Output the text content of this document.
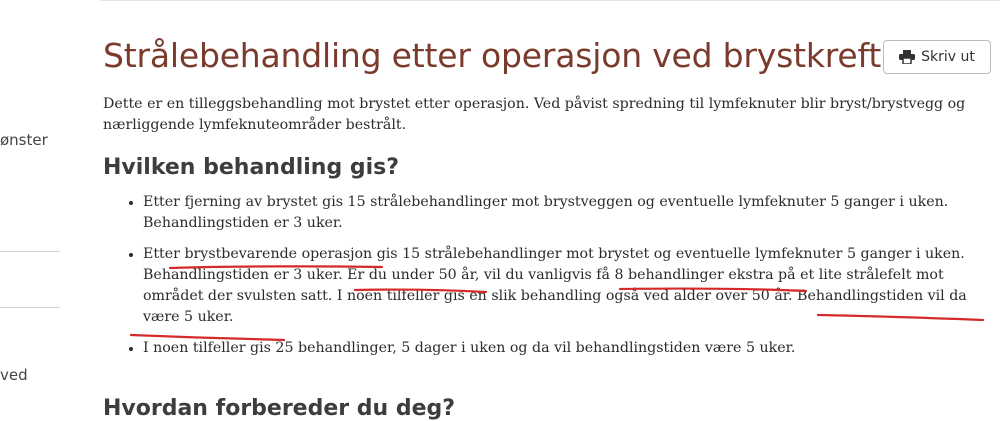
ønster
ved
Strålebehandling etter operasjon ved brystkreft	Skriv ut

Dette er en tilleggsbehandling mot brystet etter operasjon. Ved påvist spredning til lymfeknuter blir bryst/brystvegg og nærliggende lymfeknuteområder bestrålt.

Hvilken behandling gis?
• Etter fjerning av brystet gis 15 strålebehandlinger mot brystveggen og eventuelle lymfeknuter 5 ganger i uken. Behandlingstiden er 3 uker.
• Etter brystbevarende operasjon gis 15 strålebehandlinger mot brystet og eventuelle lymfeknuter 5 ganger i uken. Behandlingstiden er 3 uker. Er du under 50 år, vil du vanligvis få 8 behandlinger ekstra på et lite strålefelt mot området der svulsten satt. I noen tilfeller gis en slik behandling også ved alder over 50 år. Behandlingstiden vil da være 5 uker.
• I noen tilfeller gis 25 behandlinger, 5 dager i uken og da vil behandlingstiden være 5 uker.
Hvordan forbereder du deg?
